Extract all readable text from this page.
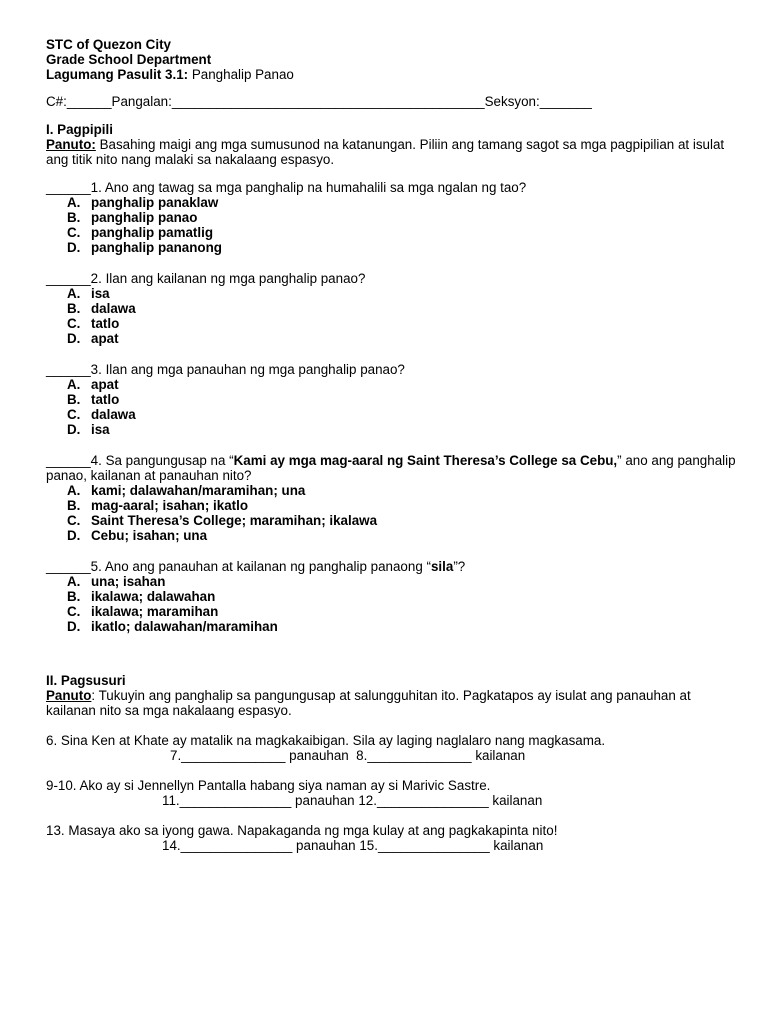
STC of Quezon City
Grade School Department
Lagumang Pasulit 3.1: Panghalip Panao
C#:______Pangalan:__________________________________________Seksyon:_______
I. Pagpipili
Panuto: Basahing maigi ang mga sumusunod na katanungan. Piliin ang tamang sagot sa mga pagpipilian at isulat ang titik nito nang malaki sa nakalaang espasyo.
______1. Ano ang tawag sa mga panghalip na humahalili sa mga ngalan ng tao?
A. panghalip panaklaw
B. panghalip panao
C. panghalip pamatlig
D. panghalip pananong
______2. Ilan ang kailanan ng mga panghalip panao?
A. isa
B. dalawa
C. tatlo
D. apat
______3. Ilan ang mga panauhan ng mga panghalip panao?
A. apat
B. tatlo
C. dalawa
D. isa
______4. Sa pangungusap na “Kami ay mga mag-aaral ng Saint Theresa’s College sa Cebu,” ano ang panghalip panao, kailanan at panauhan nito?
A. kami; dalawahan/maramihan; una
B. mag-aaral; isahan; ikatlo
C. Saint Theresa’s College; maramihan; ikalawa
D. Cebu; isahan; una
______5. Ano ang panauhan at kailanan ng panghalip panaong “sila”?
A. una; isahan
B. ikalawa; dalawahan
C. ikalawa; maramihan
D. ikatlo; dalawahan/maramihan
II. Pagsusuri
Panuto: Tukuyin ang panghalip sa pangungusap at salungguhitan ito. Pagkatapos ay isulat ang panauhan at kailanan nito sa mga nakalaang espasyo.
6. Sina Ken at Khate ay matalik na magkakaibigan. Sila ay laging naglalaro nang magkasama.
7.______________ panauhan  8.______________ kailanan
9-10. Ako ay si Jennellyn Pantalla habang siya naman ay si Marivic Sastre.
11._______________ panauhan 12._______________ kailanan
13. Masaya ako sa iyong gawa. Napakaganda ng mga kulay at ang pagkakapinta nito!
14._______________ panauhan 15._______________ kailanan
